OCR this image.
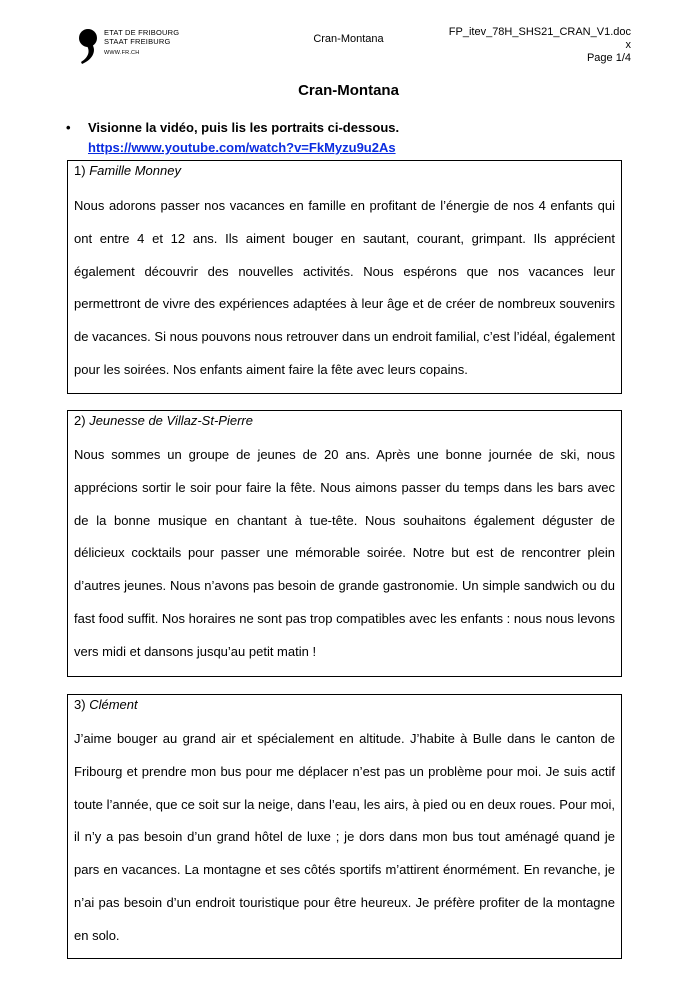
ETAT DE FRIBOURG
STAAT FREIBURG
WWW.FR.CH
Cran-Montana
FP_itev_78H_SHS21_CRAN_V1.doc
x
Page 1/4
Cran-Montana
•	Visionne la vidéo, puis lis les portraits ci-dessous.
https://www.youtube.com/watch?v=FkMyzu9u2As
1) Famille Monney
Nous adorons passer nos vacances en famille en profitant de l’énergie de nos 4 enfants qui ont entre 4 et 12 ans. Ils aiment bouger en sautant, courant, grimpant. Ils apprécient également découvrir des nouvelles activités. Nous espérons que nos vacances leur permettront de vivre des expériences adaptées à leur âge et de créer de nombreux souvenirs de vacances. Si nous pouvons nous retrouver dans un endroit familial, c’est l’idéal, également pour les soirées. Nos enfants aiment faire la fête avec leurs copains.
2) Jeunesse de Villaz-St-Pierre
Nous sommes un groupe de jeunes de 20 ans. Après une bonne journée de ski, nous apprécions sortir le soir pour faire la fête. Nous aimons passer du temps dans les bars avec de la bonne musique en chantant à tue-tête. Nous souhaitons également déguster de délicieux cocktails pour passer une mémorable soirée. Notre but est de rencontrer plein d’autres jeunes. Nous n’avons pas besoin de grande gastronomie. Un simple sandwich ou du fast food suffit. Nos horaires ne sont pas trop compatibles avec les enfants : nous nous levons vers midi et dansons jusqu’au petit matin !
3) Clément
J’aime bouger au grand air et spécialement en altitude. J’habite à Bulle dans le canton de Fribourg et prendre mon bus pour me déplacer n’est pas un problème pour moi. Je suis actif toute l’année, que ce soit sur la neige, dans l’eau, les airs, à pied ou en deux roues. Pour moi, il n’y a pas besoin d’un grand hôtel de luxe ; je dors dans mon bus tout aménagé quand je pars en vacances. La montagne et ses côtés sportifs m’attirent énormément. En revanche, je n’ai pas besoin d’un endroit touristique pour être heureux. Je préfère profiter de la montagne en solo.
